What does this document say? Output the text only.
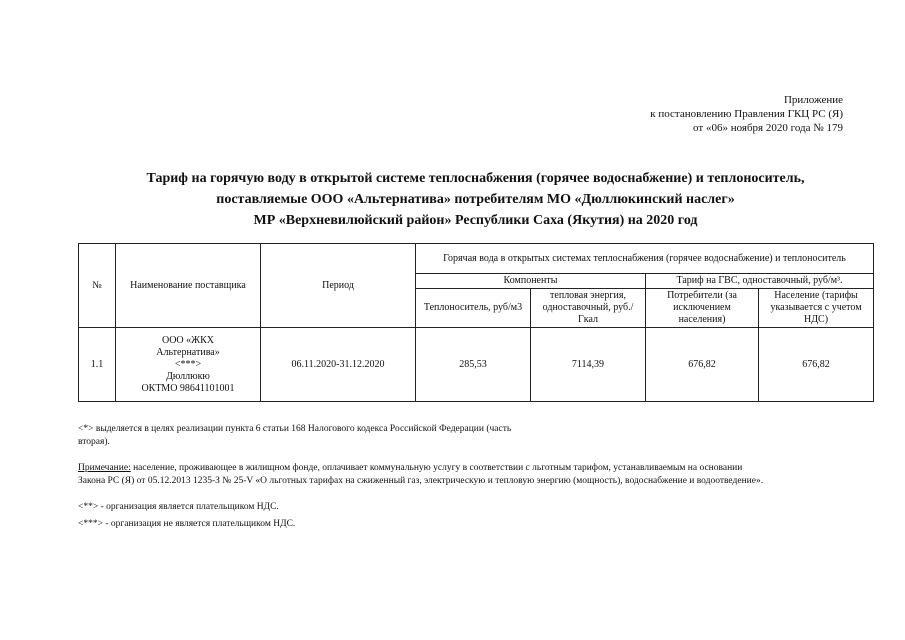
Приложение
к постановлению Правления ГКЦ РС (Я)
от «06» ноября 2020 года № 179
Тариф на горячую воду в открытой системе теплоснабжения (горячее водоснабжение) и теплоноситель,
поставляемые ООО «Альтернатива» потребителям МО «Дюллюкинский наслег»
МР «Верхневилюйский район» Республики Саха (Якутия) на 2020 год
№	Наименование поставщика	Период	Горячая вода в открытых системах теплоснабжения (горячее водоснабжение) и теплоноситель			
			Компоненты		Тариф на ГВС, одноставочный, руб/м³.	
			Теплоноситель, руб/м3	тепловая энергия, одноставочный, руб./Гкал	Потребители (за исключением населения)	Население (тарифы указывается с учетом НДС)
1.1	ООО «ЖКХ
Альтернатива»
<***>
Дюллюкю
ОКТМО 98641101001	06.11.2020-31.12.2020	285,53	7114,39	676,82	676,82

<*> выделяется в целях реализации пункта 6 статьи 168 Налогового кодекса Российской Федерации (часть

вторая).

Примечание: население, проживающее в жилищном фонде, оплачивает коммунальную услугу в соответствии с льготным тарифом, устанавливаемым на основании

Закона РС (Я) от 05.12.2013 1235-З № 25-V «О льготных тарифах на сжиженный газ, электрическую и тепловую энергию (мощность), водоснабжение и водоотведение».

<**> - организация является плательщиком НДС.

<***> - организация не является плательщиком НДС.
